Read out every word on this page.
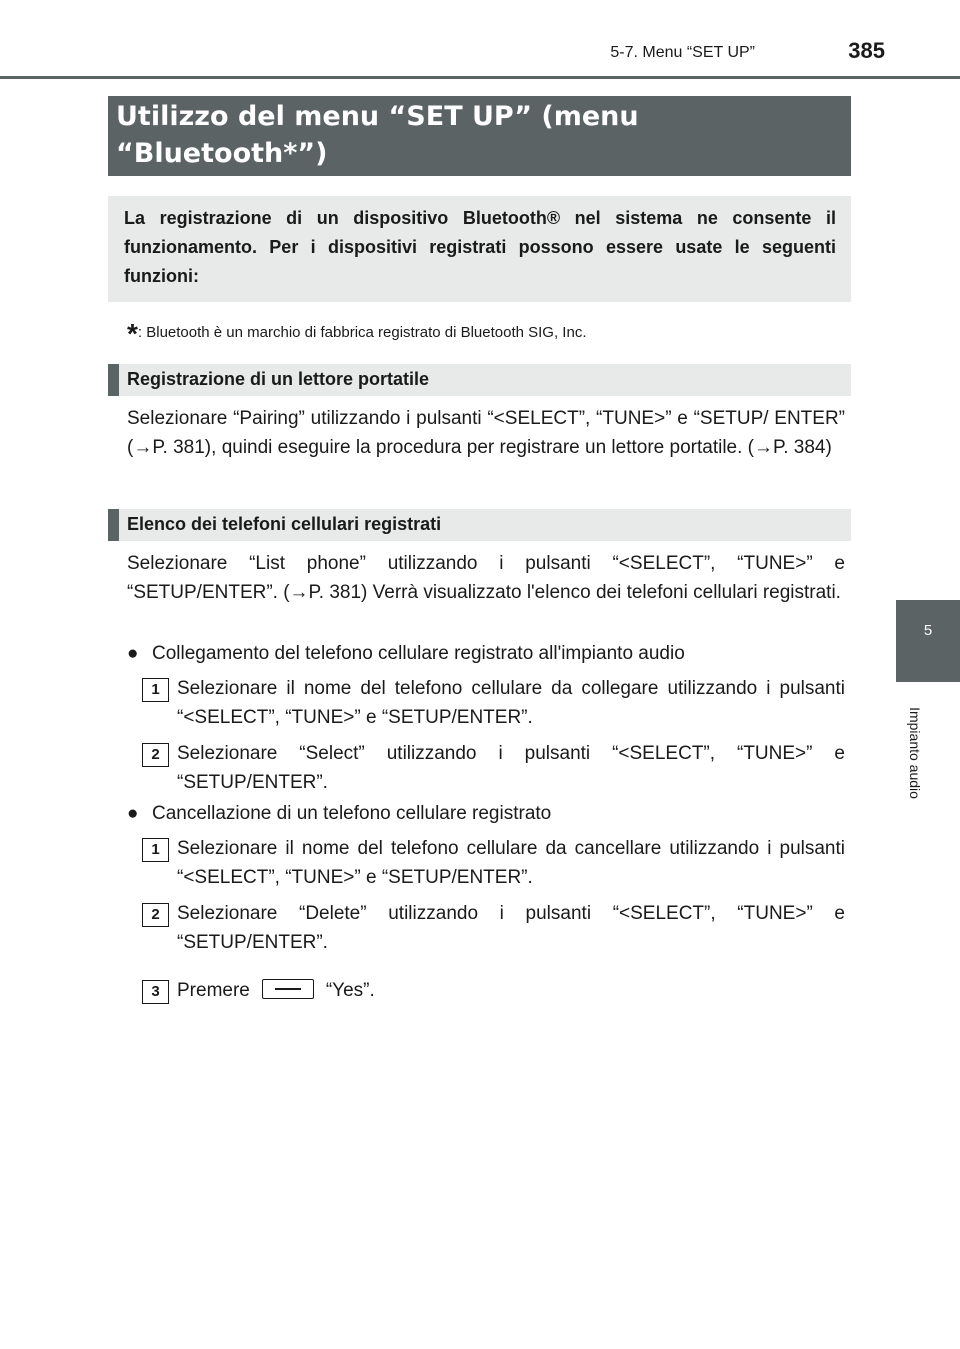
5-7. Menu “SET UP”	385
5
Impianto audio
Utilizzo del menu “SET UP” (menu
“Bluetooth*”)
La registrazione di un dispositivo Bluetooth® nel sistema ne consente il funzionamento. Per i dispositivi registrati possono essere usate le seguenti funzioni:
*: Bluetooth è un marchio di fabbrica registrato di Bluetooth SIG, Inc.
Registrazione di un lettore portatile
Selezionare “Pairing” utilizzando i pulsanti “<SELECT”, “TUNE>” e “SETUP/ ENTER” (→P. 381), quindi eseguire la procedura per registrare un lettore portatile. (→P. 384)
Elenco dei telefoni cellulari registrati
Selezionare “List phone” utilizzando i pulsanti “<SELECT”, “TUNE>” e “SETUP/ENTER”. (→P. 381) Verrà visualizzato l'elenco dei telefoni cellulari registrati.
● Collegamento del telefono cellulare registrato all'impianto audio
1 Selezionare il nome del telefono cellulare da collegare utilizzando i pulsanti “<SELECT”, “TUNE>” e “SETUP/ENTER”.
2 Selezionare “Select” utilizzando i pulsanti “<SELECT”, “TUNE>” e “SETUP/ENTER”.
● Cancellazione di un telefono cellulare registrato
1 Selezionare il nome del telefono cellulare da cancellare utilizzando i pulsanti “<SELECT”, “TUNE>” e “SETUP/ENTER”.
2 Selezionare “Delete” utilizzando i pulsanti “<SELECT”, “TUNE>” e “SETUP/ENTER”.
3 Premere	“Yes”.
